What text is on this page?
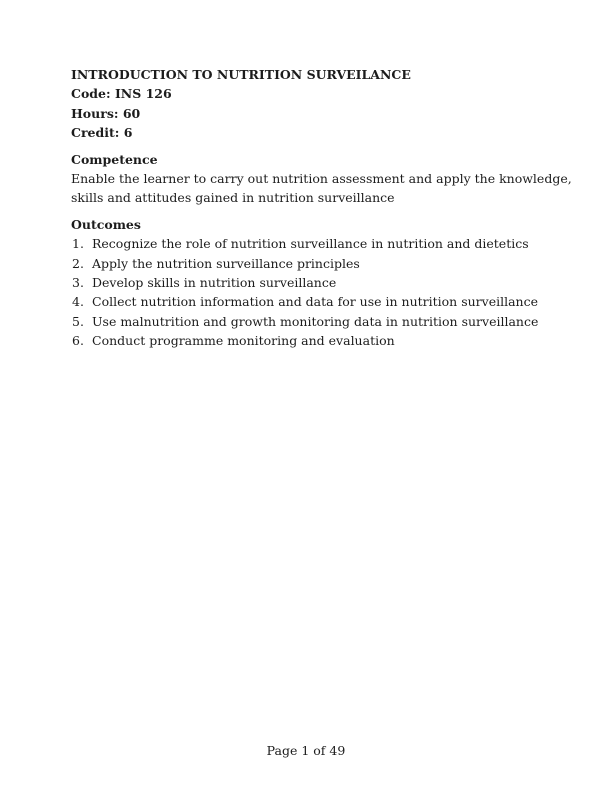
INTRODUCTION TO NUTRITION SURVEILANCE
Code: INS 126
Hours: 60
Credit: 6
Competence
Enable the learner to carry out nutrition assessment and apply the knowledge,
skills and attitudes gained in nutrition surveillance
Outcomes
1. Recognize the role of nutrition surveillance in nutrition and dietetics
2. Apply the nutrition surveillance principles
3. Develop skills in nutrition surveillance
4. Collect nutrition information and data for use in nutrition surveillance
5. Use malnutrition and growth monitoring data in nutrition surveillance
6. Conduct programme monitoring and evaluation
Page 1 of 49
